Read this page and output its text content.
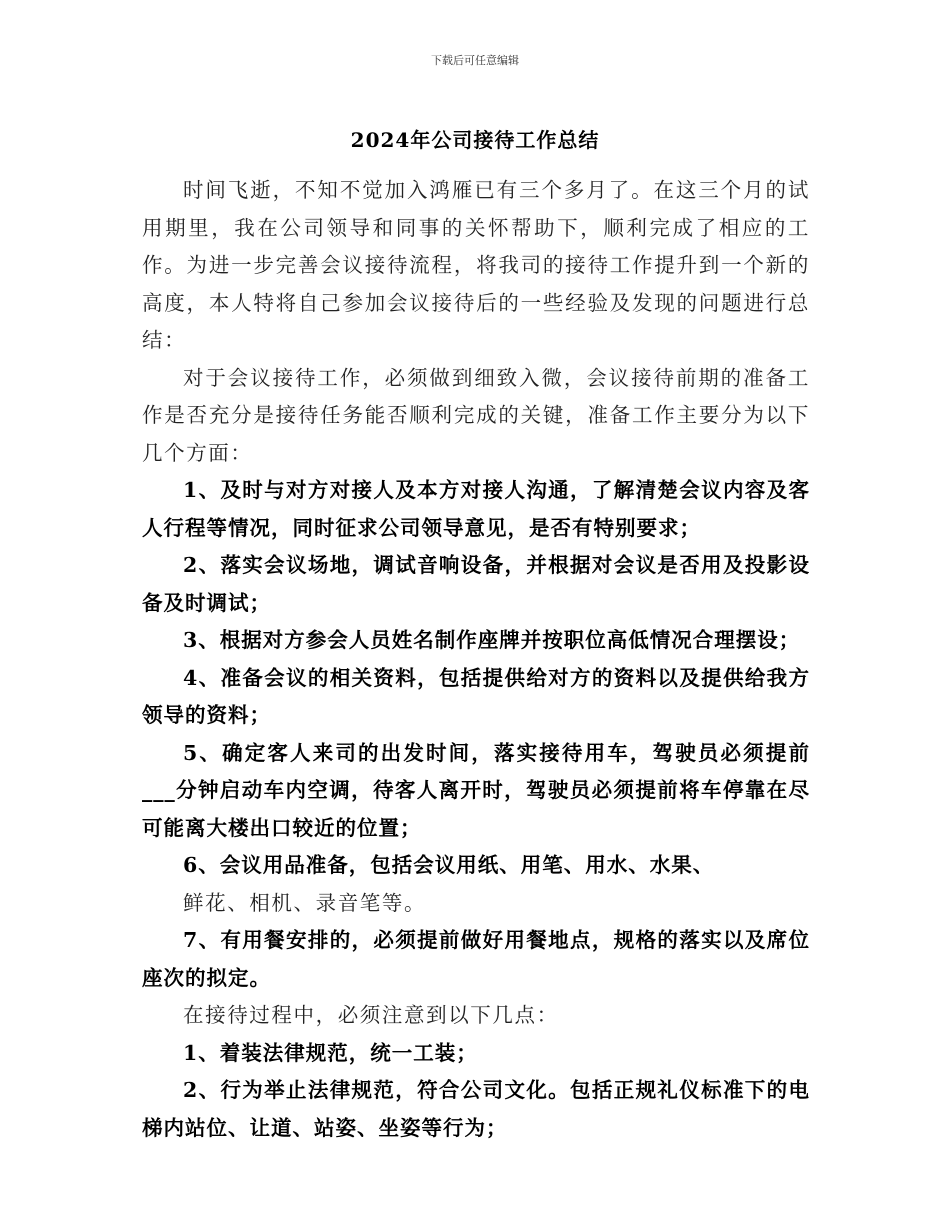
下载后可任意编辑
2024年公司接待工作总结

时间飞逝，不知不觉加入鸿雁已有三个多月了。在这三个月的试用期里，我在公司领导和同事的关怀帮助下，顺利完成了相应的工作。为进一步完善会议接待流程，将我司的接待工作提升到一个新的高度，本人特将自己参加会议接待后的一些经验及发现的问题进行总结：

对于会议接待工作，必须做到细致入微，会议接待前期的准备工作是否充分是接待任务能否顺利完成的关键，准备工作主要分为以下几个方面：

1、及时与对方对接人及本方对接人沟通，了解清楚会议内容及客人行程等情况，同时征求公司领导意见，是否有特别要求；

2、落实会议场地，调试音响设备，并根据对会议是否用及投影设备及时调试；

3、根据对方参会人员姓名制作座牌并按职位高低情况合理摆设；

4、准备会议的相关资料，包括提供给对方的资料以及提供给我方领导的资料；

5、确定客人来司的出发时间，落实接待用车，驾驶员必须提前___分钟启动车内空调，待客人离开时，驾驶员必须提前将车停靠在尽可能离大楼出口较近的位置；

6、会议用品准备，包括会议用纸、用笔、用水、水果、

鲜花、相机、录音笔等。

7、有用餐安排的，必须提前做好用餐地点，规格的落实以及席位座次的拟定。

在接待过程中，必须注意到以下几点：

1、着装法律规范，统一工装；

2、行为举止法律规范，符合公司文化。包括正规礼仪标准下的电梯内站位、让道、站姿、坐姿等行为；
